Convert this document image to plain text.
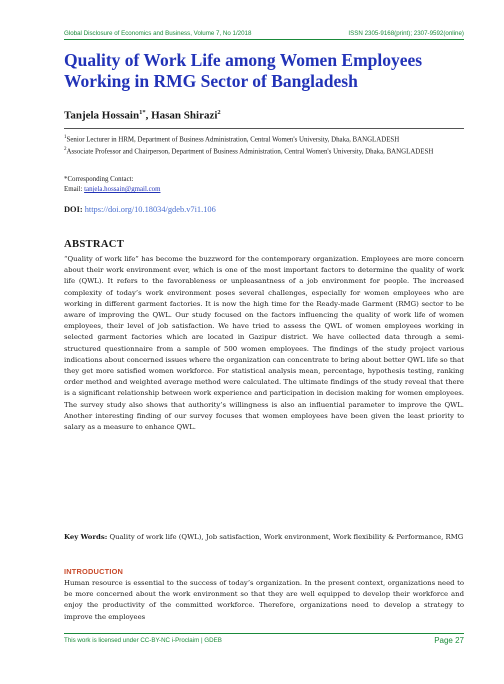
Global Disclosure of Economics and Business, Volume 7, No 1/2018	ISSN 2305-9168(print); 2307-9592(online)
Quality of Work Life among Women Employees Working in RMG Sector of Bangladesh
Tanjela Hossain$^{1*}$, Hasan Shirazi$^2$

$^1$Senior Lecturer in HRM, Department of Business Administration, Central Women's University, Dhaka, BANGLADESH

$^2$Associate Professor and Chairperson, Department of Business Administration, Central Women's University, Dhaka, BANGLADESH

*Corresponding Contact:
Email: tanjela.hossain@gmail.com
DOI: https://doi.org/10.18034/gdeb.v7i1.106
ABSTRACT

“Quality of work life” has become the buzzword for the contemporary organization. Employees are more concern about their work environment ever, which is one of the most important factors to determine the quality of work life (QWL). It refers to the favorableness or unpleasantness of a job environment for people. The increased complexity of today’s work environment poses several challenges, especially for women employees who are working in different garment factories. It is now the high time for the Ready-made Garment (RMG) sector to be aware of improving the QWL. Our study focused on the factors influencing the quality of work life of women employees, their level of job satisfaction. We have tried to assess the QWL of women employees working in selected garment factories which are located in Gazipur district. We have collected data through a semi-structured questionnaire from a sample of 500 women employees. The findings of the study project various indications about concerned issues where the organization can concentrate to bring about better QWL life so that they get more satisfied women workforce. For statistical analysis mean, percentage, hypothesis testing, ranking order method and weighted average method were calculated. The ultimate findings of the study reveal that there is a significant relationship between work experience and participation in decision making for women employees. The survey study also shows that authority’s willingness is also an influential parameter to improve the QWL. Another interesting finding of our survey focuses that women employees have been given the least priority to salary as a measure to enhance QWL.

Key Words: Quality of work life (QWL), Job satisfaction, Work environment, Work flexibility & Performance, RMG
INTRODUCTION

Human resource is essential to the success of today’s organization. In the present context, organizations need to be more concerned about the work environment so that they are well equipped to develop their workforce and enjoy the productivity of the committed workforce. Therefore, organizations need to develop a strategy to improve the employees

This work is licensed under CC-BY-NC i-Proclaim | GDEB	Page 27
